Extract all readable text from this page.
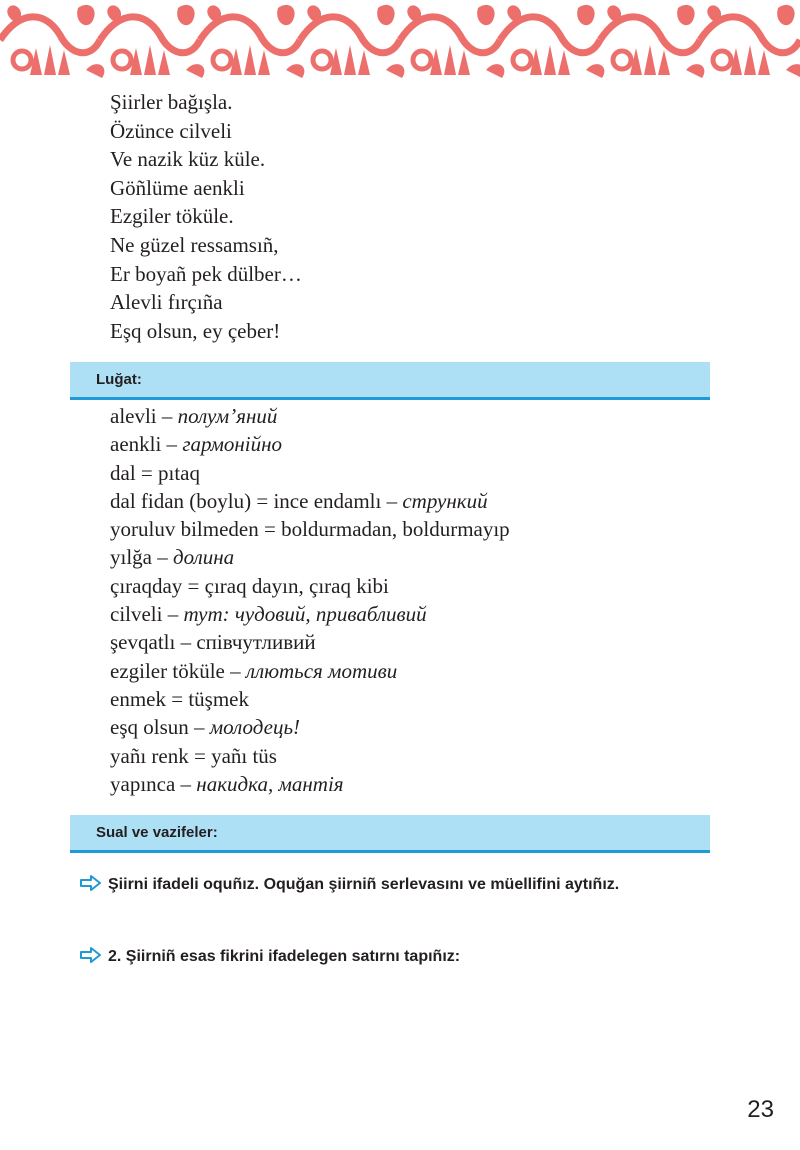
Şiirler bağışla.
Özünce cilveli
Ve nazik küz küle.
Göñlüme aenkli
Ezgiler töküle.
Ne güzel ressamsıñ,
Er boyañ pek dülber…
Alevli fırçıña
Eşq olsun, ey çeber!
Luğat:
alevli – полум’яний
aenkli – гармонійно
dal = pıtaq
dal fidan (boylu) = ince endamlı – стрункий
yoruluv bilmeden = boldurmadan, boldurmayıp
yılğa – долина
çıraqday = çıraq dayın, çıraq kibi
cilveli – тут: чудовий, привабливий
şevqatlı – співчутливий
ezgiler töküle – ллються мотиви
enmek = tüşmek
eşq olsun – молодець!
yañı renk = yañı tüs
yapınca – накидка, мантія
Sual ve vazifeler:
Şiirni ifadeli oquñız. Oquğan şiirniñ serlevasını ve müellifini aytıñız.
2. Şiirniñ esas fikrini ifadelegen satırnı tapıñız:
23
